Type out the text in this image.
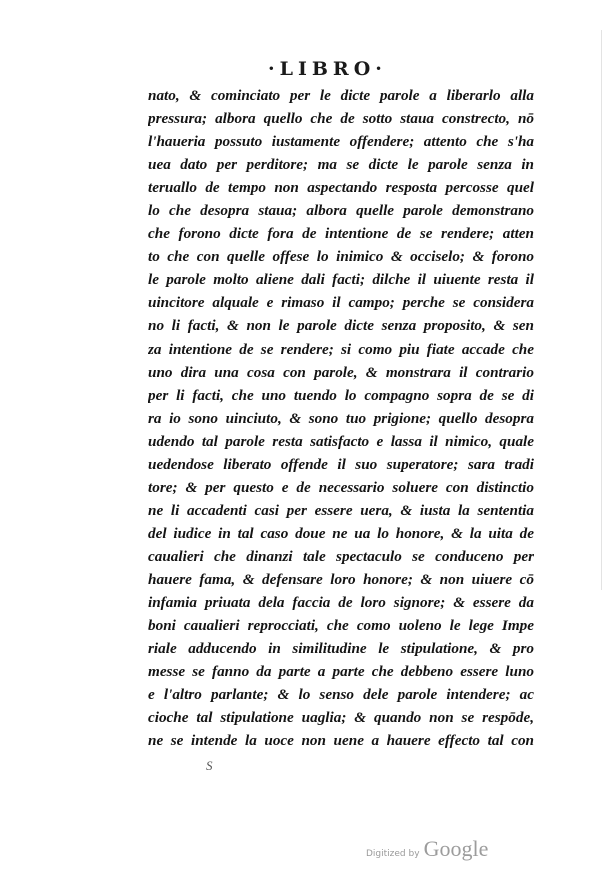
·LIBRO·
nato, & cominciato per le dicte parole a liberarlo alla
pressura; albora quello che de sotto staua constrecto, nō
l'haueria possuto iustamente offendere; attento che s'ha
uea dato per perditore; ma se dicte le parole senza in
teruallo de tempo non aspectando resposta percosse quel
lo che desopra staua; albora quelle parole demonstrano
che forono dicte fora de intentione de se rendere; atten
to che con quelle offese lo inimico & occiselo; & forono
le parole molto aliene dali facti; dilche il uiuente resta il
uincitore alquale e rimaso il campo; perche se considera
no li facti, & non le parole dicte senza proposito, & sen
za intentione de se rendere; si como piu fiate accade che
uno dira una cosa con parole, & monstrara il contrario
per li facti, che uno tuendo lo compagno sopra de se di
ra io sono uinciuto, & sono tuo prigione; quello desopra
udendo tal parole resta satisfacto e lassa il nimico, quale
uedendose liberato offende il suo superatore; sara tradi
tore; & per questo e de necessario soluere con distinctio
ne li accadenti casi per essere uera, & iusta la sententia
del iudice in tal caso doue ne ua lo honore, & la uita de
caualieri che dinanzi tale spectaculo se conduceno per
hauere fama, & defensare loro honore; & non uiuere cō
infamia priuata dela faccia de loro signore; & essere da
boni caualieri reprocciati, che como uoleno le lege Impe
riale adducendo in similitudine le stipulatione, & pro
messe se fanno da parte a parte che debbeno essere luno
e l'altro parlante; & lo senso dele parole intendere; ac
cioche tal stipulatione uaglia; & quando non se respōde,
ne se intende la uoce non uene a hauere effecto tal con
S
Digitized by Google
